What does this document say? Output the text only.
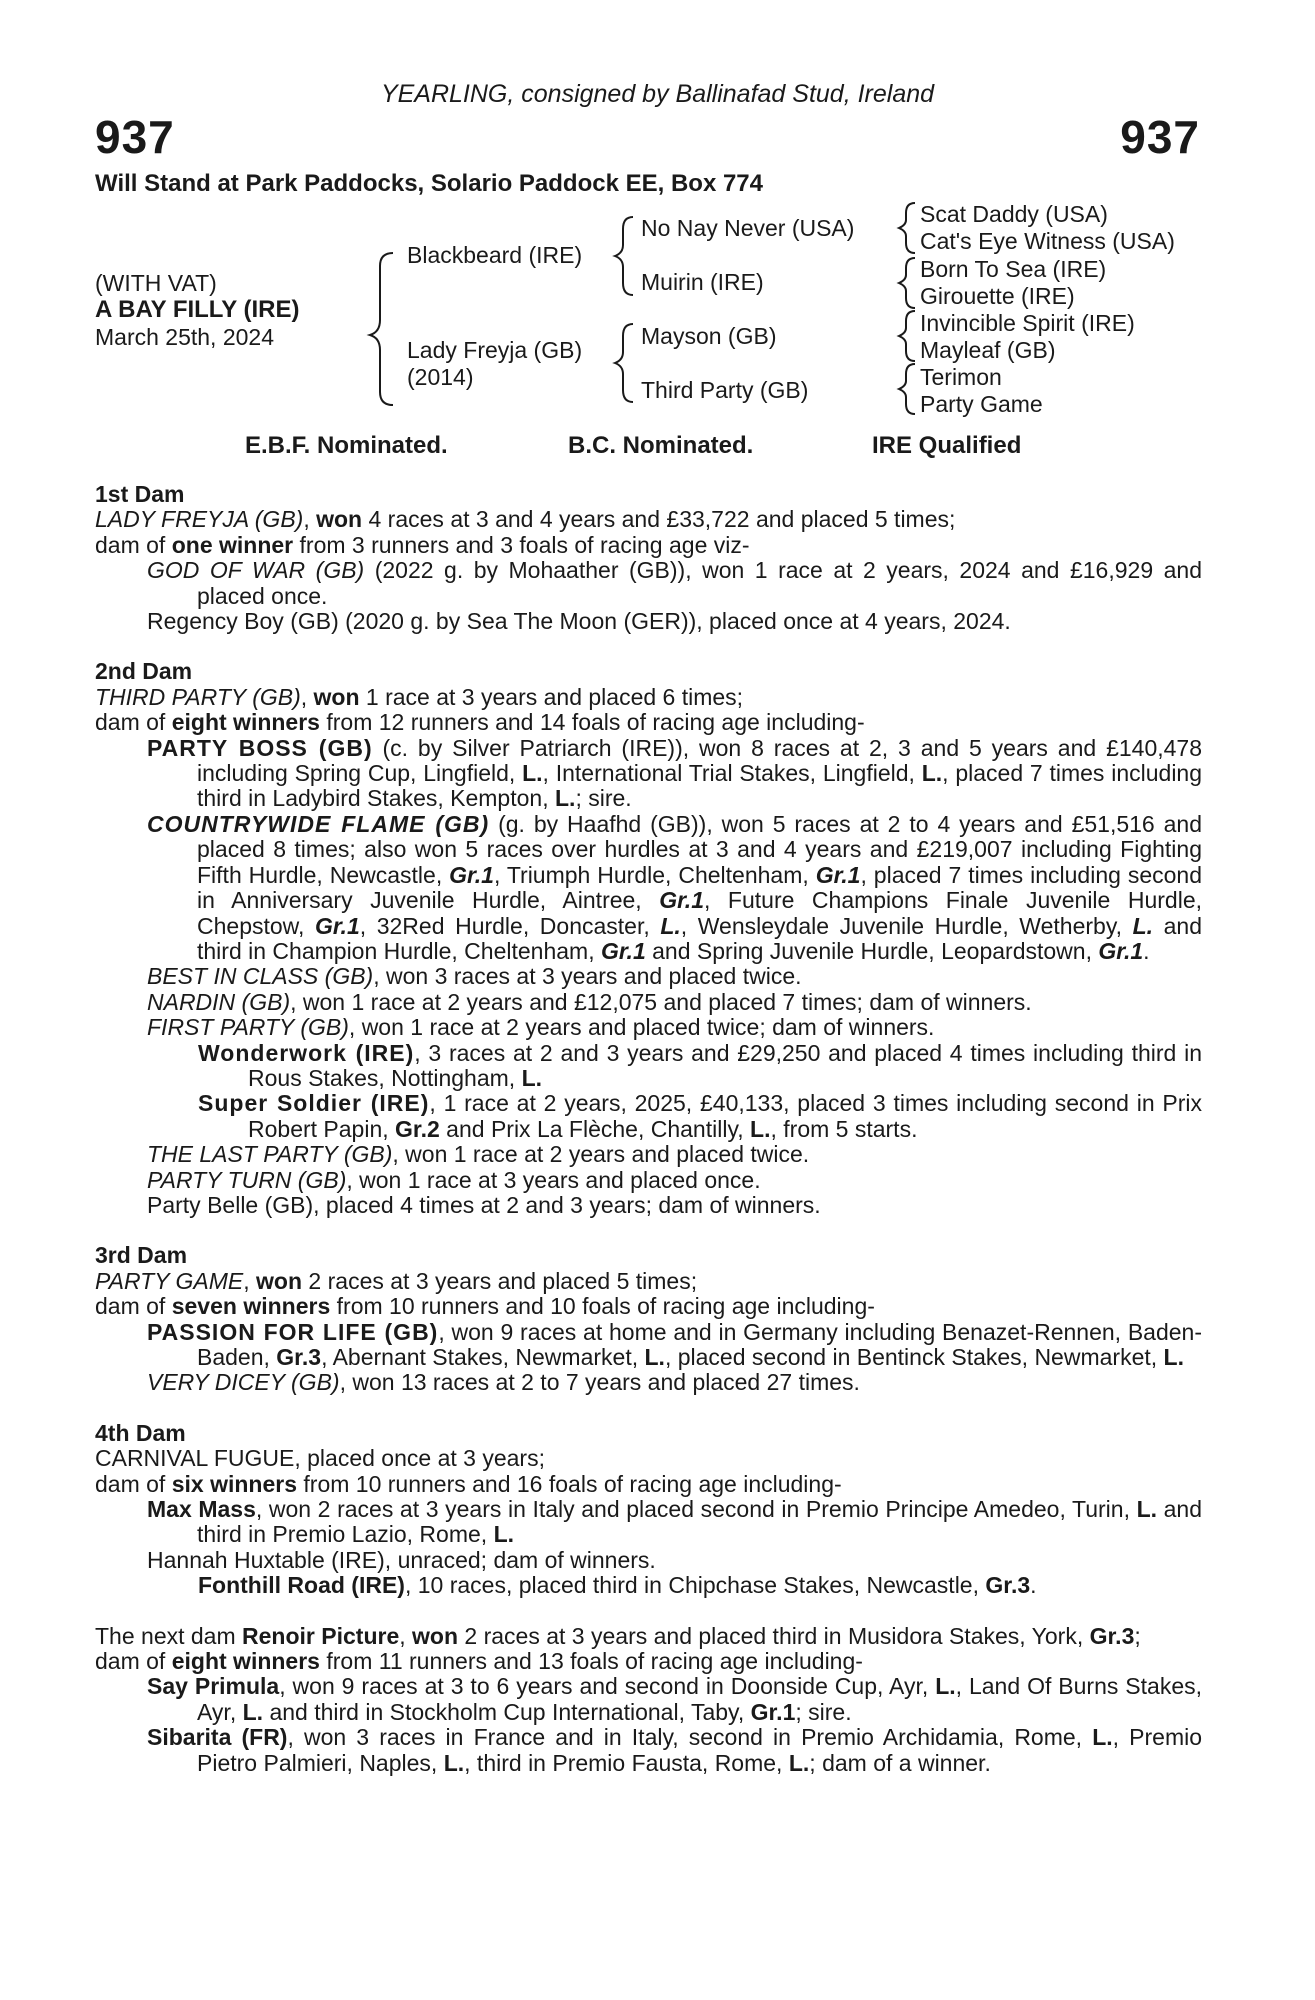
YEARLING, consigned by Ballinafad Stud, Ireland
937	937
Will Stand at Park Paddocks, Solario Paddock EE, Box 774
(WITH VAT)
A BAY FILLY (IRE)
March 25th, 2024
Blackbeard (IRE)
Lady Freyja (GB)
(2014)
No Nay Never (USA)
Muirin (IRE)
Mayson (GB)
Third Party (GB)
Scat Daddy (USA)
Cat's Eye Witness (USA)
Born To Sea (IRE)
Girouette (IRE)
Invincible Spirit (IRE)
Mayleaf (GB)
Terimon
Party Game
E.B.F. Nominated.	B.C. Nominated.	IRE Qualified

1st Dam

LADY FREYJA (GB), won 4 races at 3 and 4 years and £33,722 and placed 5 times;

dam of one winner from 3 runners and 3 foals of racing age viz-

GOD OF WAR (GB) (2022 g. by Mohaather (GB)), won 1 race at 2 years, 2024 and £16,929 and placed once.

Regency Boy (GB) (2020 g. by Sea The Moon (GER)), placed once at 4 years, 2024.

2nd Dam

THIRD PARTY (GB), won 1 race at 3 years and placed 6 times;

dam of eight winners from 12 runners and 14 foals of racing age including-

PARTY BOSS (GB) (c. by Silver Patriarch (IRE)), won 8 races at 2, 3 and 5 years and £140,478 including Spring Cup, Lingfield, L., International Trial Stakes, Lingfield, L., placed 7 times including third in Ladybird Stakes, Kempton, L.; sire.

COUNTRYWIDE FLAME (GB) (g. by Haafhd (GB)), won 5 races at 2 to 4 years and £51,516 and placed 8 times; also won 5 races over hurdles at 3 and 4 years and £219,007 including Fighting Fifth Hurdle, Newcastle, Gr.1, Triumph Hurdle, Cheltenham, Gr.1, placed 7 times including second in Anniversary Juvenile Hurdle, Aintree, Gr.1, Future Champions Finale Juvenile Hurdle, Chepstow, Gr.1, 32Red Hurdle, Doncaster, L., Wensleydale Juvenile Hurdle, Wetherby, L. and third in Champion Hurdle, Cheltenham, Gr.1 and Spring Juvenile Hurdle, Leopardstown, Gr.1.

BEST IN CLASS (GB), won 3 races at 3 years and placed twice.

NARDIN (GB), won 1 race at 2 years and £12,075 and placed 7 times; dam of winners.

FIRST PARTY (GB), won 1 race at 2 years and placed twice; dam of winners.

Wonderwork (IRE), 3 races at 2 and 3 years and £29,250 and placed 4 times including third in Rous Stakes, Nottingham, L.

Super Soldier (IRE), 1 race at 2 years, 2025, £40,133, placed 3 times including second in Prix Robert Papin, Gr.2 and Prix La Flèche, Chantilly, L., from 5 starts.

THE LAST PARTY (GB), won 1 race at 2 years and placed twice.

PARTY TURN (GB), won 1 race at 3 years and placed once.

Party Belle (GB), placed 4 times at 2 and 3 years; dam of winners.

3rd Dam

PARTY GAME, won 2 races at 3 years and placed 5 times;

dam of seven winners from 10 runners and 10 foals of racing age including-

PASSION FOR LIFE (GB), won 9 races at home and in Germany including Benazet-Rennen, Baden-Baden, Gr.3, Abernant Stakes, Newmarket, L., placed second in Bentinck Stakes, Newmarket, L.

VERY DICEY (GB), won 13 races at 2 to 7 years and placed 27 times.

4th Dam

CARNIVAL FUGUE, placed once at 3 years;

dam of six winners from 10 runners and 16 foals of racing age including-

Max Mass, won 2 races at 3 years in Italy and placed second in Premio Principe Amedeo, Turin, L. and third in Premio Lazio, Rome, L.

Hannah Huxtable (IRE), unraced; dam of winners.

Fonthill Road (IRE), 10 races, placed third in Chipchase Stakes, Newcastle, Gr.3.

The next dam Renoir Picture, won 2 races at 3 years and placed third in Musidora Stakes, York, Gr.3;

dam of eight winners from 11 runners and 13 foals of racing age including-

Say Primula, won 9 races at 3 to 6 years and second in Doonside Cup, Ayr, L., Land Of Burns Stakes, Ayr, L. and third in Stockholm Cup International, Taby, Gr.1; sire.

Sibarita (FR), won 3 races in France and in Italy, second in Premio Archidamia, Rome, L., Premio Pietro Palmieri, Naples, L., third in Premio Fausta, Rome, L.; dam of a winner.
